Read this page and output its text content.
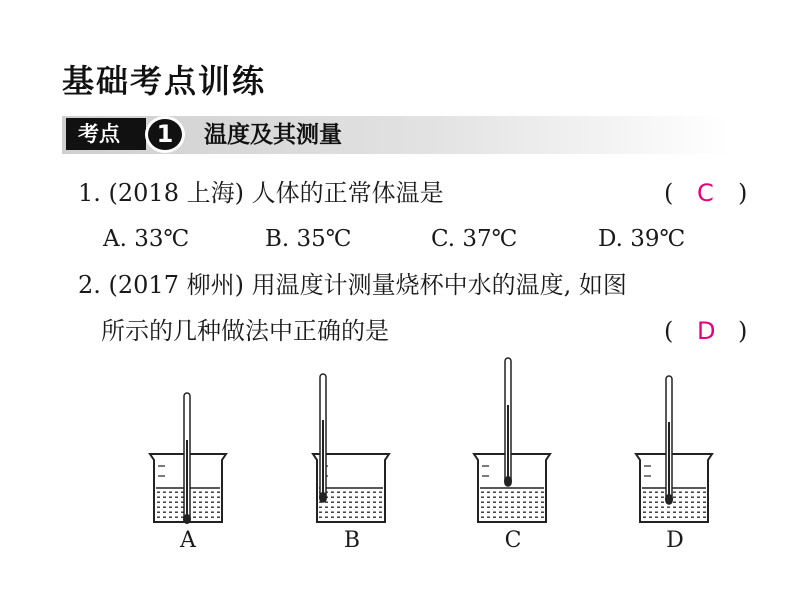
基础考点训练
考点	1	温度及其测量
1. (2018 上海) 人体的正常体温是	( C )
A. 33℃	B. 35℃	C. 37℃	D. 39℃
2. (2017 柳州) 用温度计测量烧杯中水的温度, 如图
所示的几种做法中正确的是	( D )
A	B	C	D
